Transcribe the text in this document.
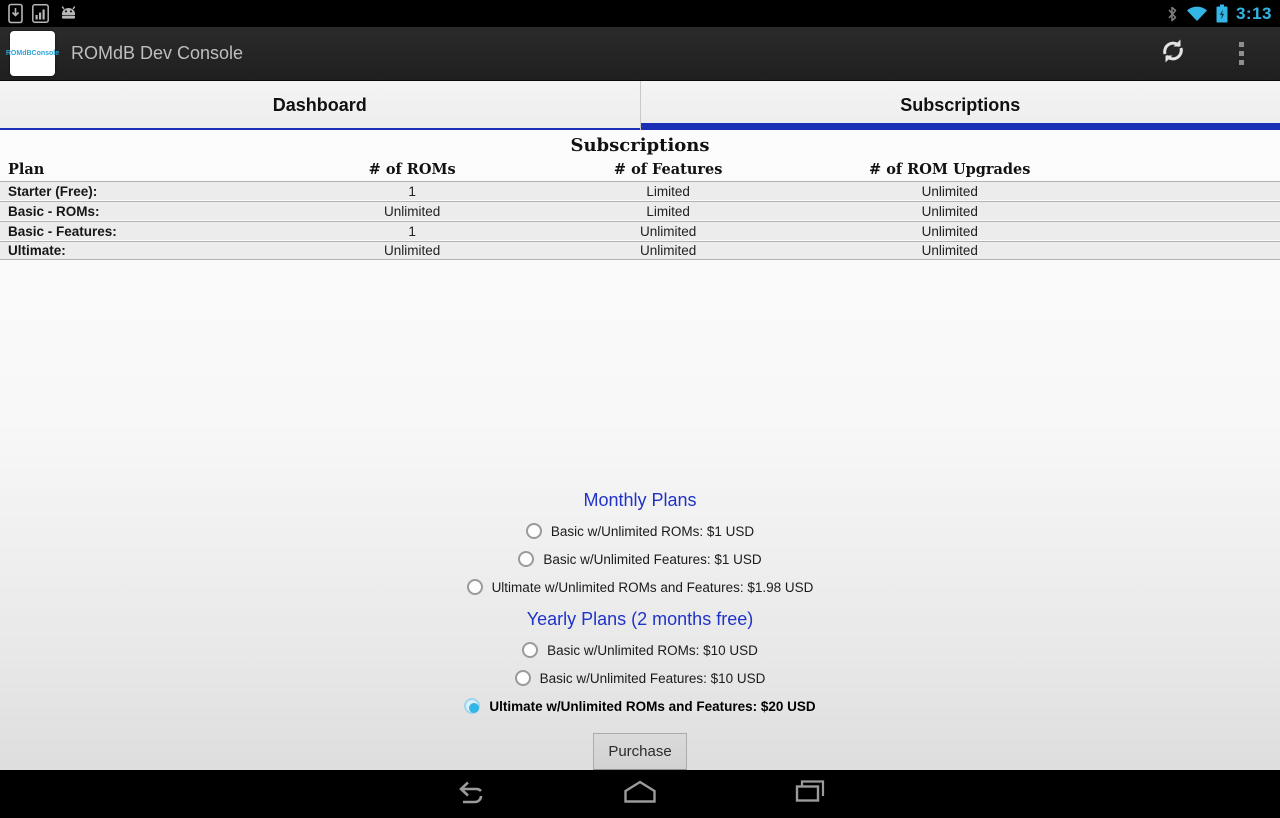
3:13
ROMdBConsole ROMdB Dev Console
Dashboard	Subscriptions
Subscriptions
Plan	# of ROMs	# of Features	# of ROM Upgrades
Starter (Free):	1	Limited	Unlimited
Basic - ROMs:	Unlimited	Limited	Unlimited
Basic - Features:	1	Unlimited	Unlimited
Ultimate:	Unlimited	Unlimited	Unlimited
Monthly Plans
Basic w/Unlimited ROMs: $1 USD
Basic w/Unlimited Features: $1 USD
Ultimate w/Unlimited ROMs and Features: $1.98 USD
Yearly Plans (2 months free)
Basic w/Unlimited ROMs: $10 USD
Basic w/Unlimited Features: $10 USD
Ultimate w/Unlimited ROMs and Features: $20 USD
Purchase
